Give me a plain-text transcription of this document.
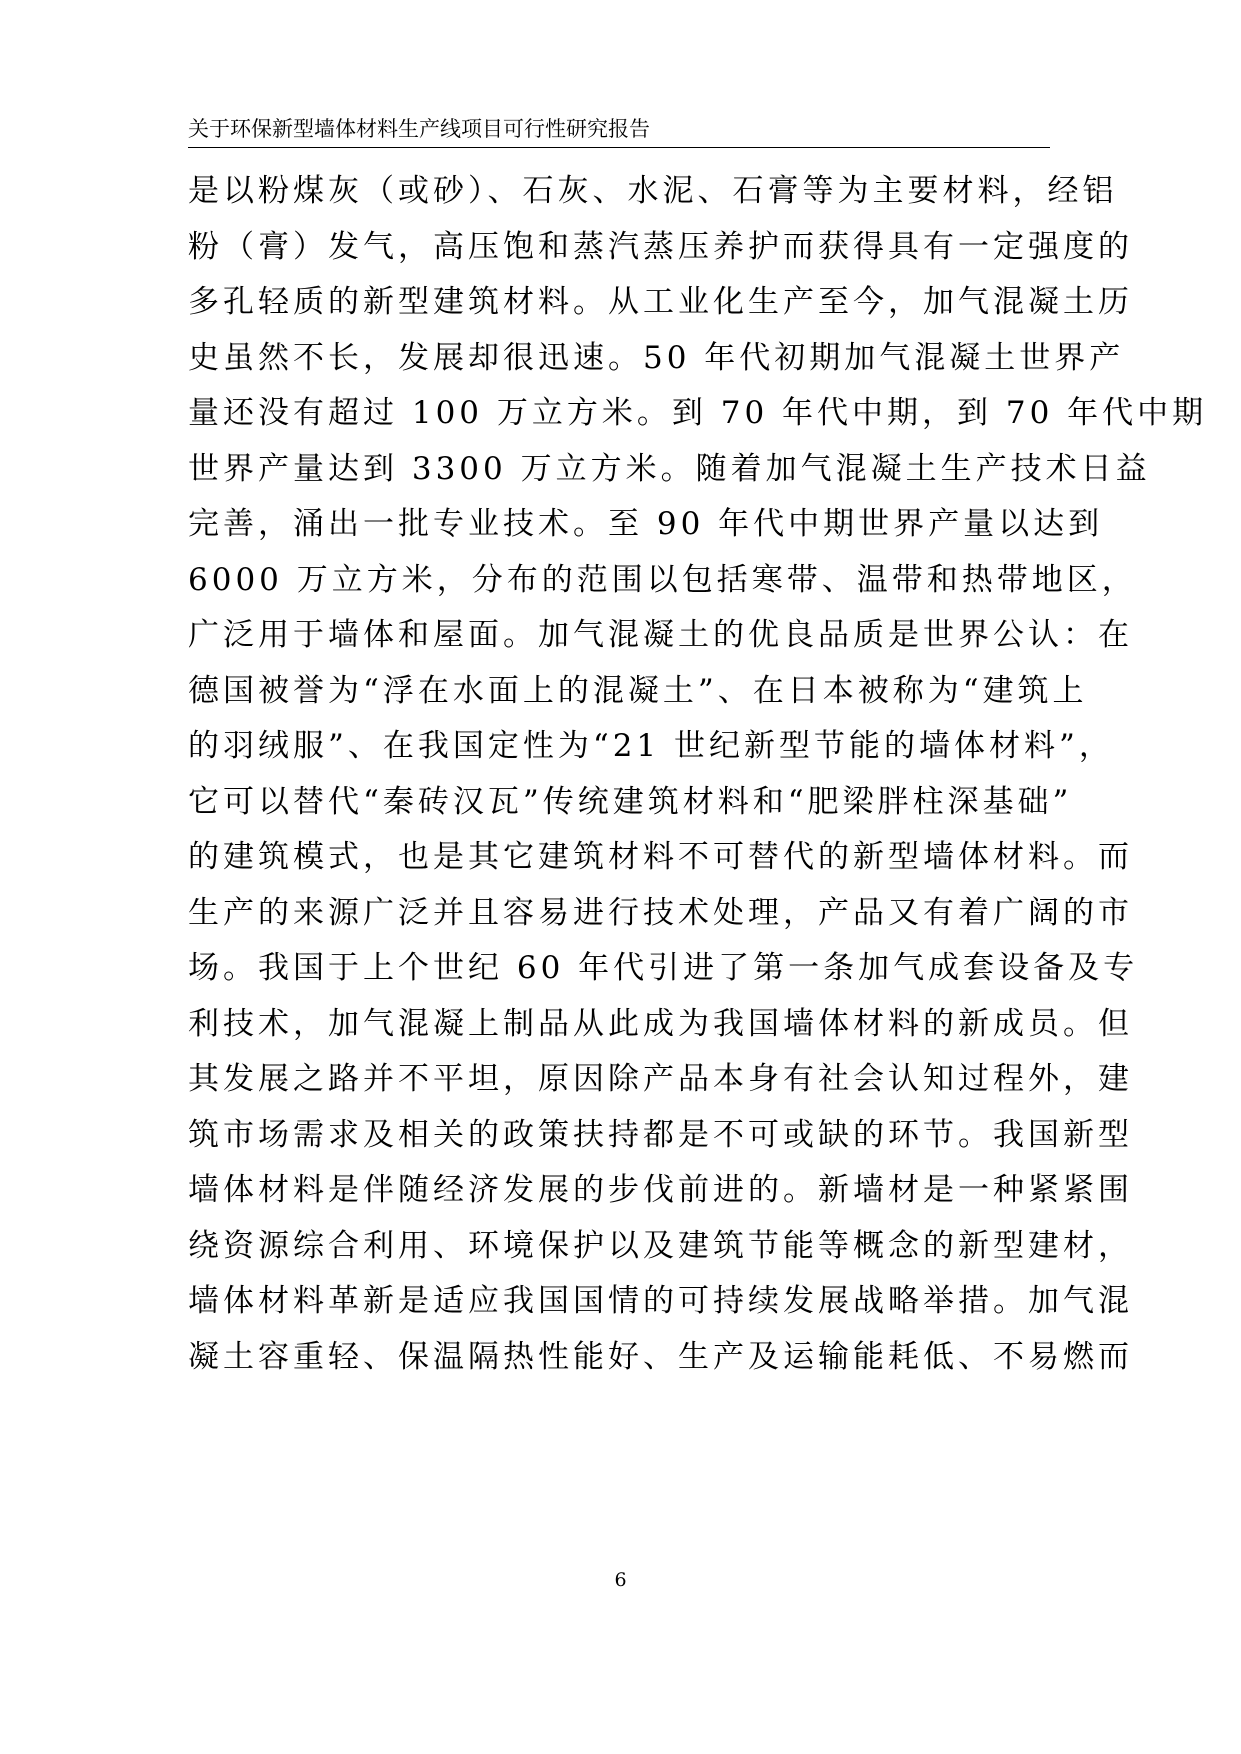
关于环保新型墙体材料生产线项目可行性研究报告
是以粉煤灰（或砂）、石灰、水泥、石膏等为主要材料，经铝
粉（膏）发气，高压饱和蒸汽蒸压养护而获得具有一定强度的
多孔轻质的新型建筑材料。从工业化生产至今，加气混凝土历
史虽然不长，发展却很迅速。50 年代初期加气混凝土世界产
量还没有超过 100 万立方米。到 70 年代中期，到 70 年代中期
世界产量达到 3300 万立方米。随着加气混凝土生产技术日益
完善，涌出一批专业技术。至 90 年代中期世界产量以达到
6000 万立方米，分布的范围以包括寒带、温带和热带地区，
广泛用于墙体和屋面。加气混凝土的优良品质是世界公认：在
德国被誉为“浮在水面上的混凝土”、在日本被称为“建筑上
的羽绒服”、在我国定性为“21 世纪新型节能的墙体材料”，
它可以替代“秦砖汉瓦”传统建筑材料和“肥梁胖柱深基础”
的建筑模式，也是其它建筑材料不可替代的新型墙体材料。而
生产的来源广泛并且容易进行技术处理，产品又有着广阔的市
场。我国于上个世纪 60 年代引进了第一条加气成套设备及专
利技术，加气混凝上制品从此成为我国墙体材料的新成员。但
其发展之路并不平坦，原因除产品本身有社会认知过程外，建
筑市场需求及相关的政策扶持都是不可或缺的环节。我国新型
墙体材料是伴随经济发展的步伐前进的。新墙材是一种紧紧围
绕资源综合利用、环境保护以及建筑节能等概念的新型建材，
墙体材料革新是适应我国国情的可持续发展战略举措。加气混
凝土容重轻、保温隔热性能好、生产及运输能耗低、不易燃而
6
